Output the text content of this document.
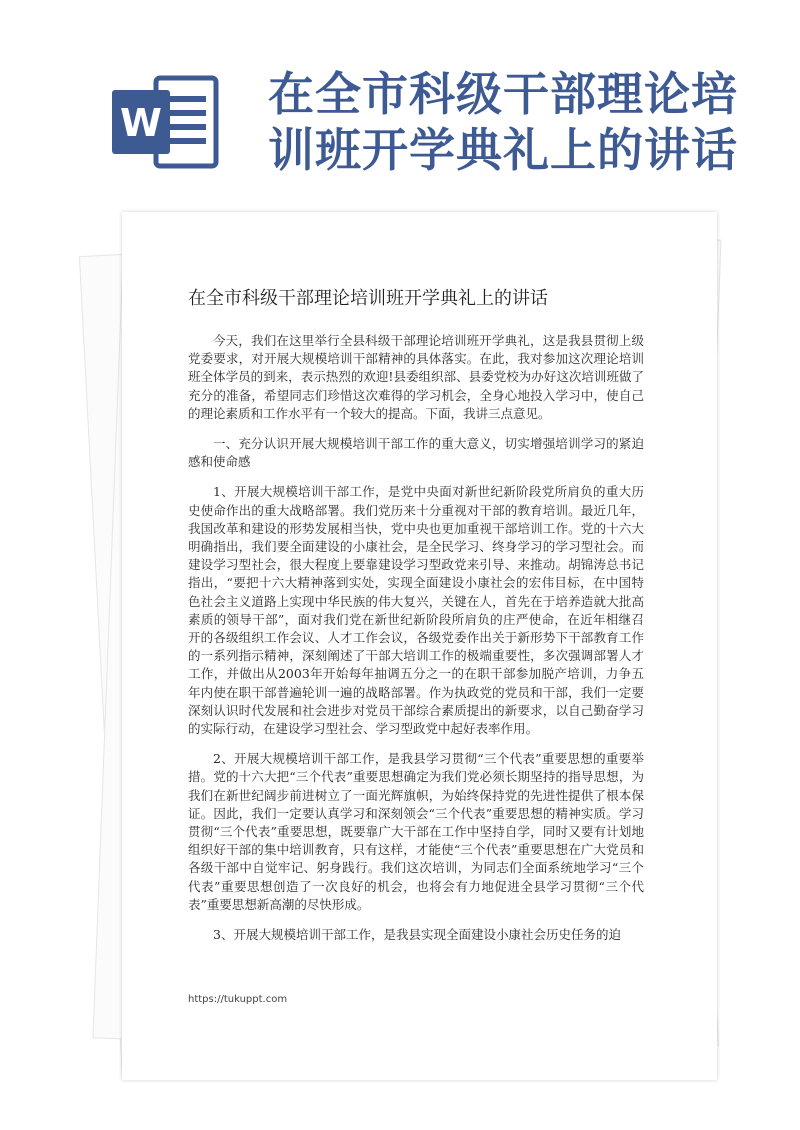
W
在全市科级干部理论培
训班开学典礼上的讲话
在全市科级干部理论培训班开学典礼上的讲话

今天，我们在这里举行全县科级干部理论培训班开学典礼，这是我县贯彻上级党委要求，对开展大规模培训干部精神的具体落实。在此，我对参加这次理论培训班全体学员的到来，表示热烈的欢迎!县委组织部、县委党校为办好这次培训班做了充分的准备，希望同志们珍惜这次难得的学习机会，全身心地投入学习中，使自己的理论素质和工作水平有一个较大的提高。下面，我讲三点意见。

一、充分认识开展大规模培训干部工作的重大意义，切实增强培训学习的紧迫感和使命感

1、开展大规模培训干部工作，是党中央面对新世纪新阶段党所肩负的重大历史使命作出的重大战略部署。我们党历来十分重视对干部的教育培训。最近几年，我国改革和建设的形势发展相当快，党中央也更加重视干部培训工作。党的十六大明确指出，我们要全面建设的小康社会，是全民学习、终身学习的学习型社会。而建设学习型社会，很大程度上要靠建设学习型政党来引导、来推动。胡锦涛总书记指出，“要把十六大精神落到实处，实现全面建设小康社会的宏伟目标，在中国特色社会主义道路上实现中华民族的伟大复兴，关键在人，首先在于培养造就大批高素质的领导干部”，面对我们党在新世纪新阶段所肩负的庄严使命，在近年相继召开的各级组织工作会议、人才工作会议，各级党委作出关于新形势下干部教育工作的一系列指示精神，深刻阐述了干部大培训工作的极端重要性，多次强调部署人才工作，并做出从2003年开始每年抽调五分之一的在职干部参加脱产培训，力争五年内使在职干部普遍轮训一遍的战略部署。作为执政党的党员和干部，我们一定要深刻认识时代发展和社会进步对党员干部综合素质提出的新要求，以自己勤奋学习的实际行动，在建设学习型社会、学习型政党中起好表率作用。

2、开展大规模培训干部工作，是我县学习贯彻“三个代表”重要思想的重要举措。党的十六大把“三个代表”重要思想确定为我们党必须长期坚持的指导思想，为我们在新世纪阔步前进树立了一面光辉旗帜，为始终保持党的先进性提供了根本保证。因此，我们一定要认真学习和深刻领会“三个代表”重要思想的精神实质。学习贯彻“三个代表”重要思想，既要靠广大干部在工作中坚持自学，同时又要有计划地组织好干部的集中培训教育，只有这样，才能使“三个代表”重要思想在广大党员和各级干部中自觉牢记、躬身践行。我们这次培训，为同志们全面系统地学习“三个代表”重要思想创造了一次良好的机会，也将会有力地促进全县学习贯彻“三个代表”重要思想新高潮的尽快形成。

3、开展大规模培训干部工作，是我县实现全面建设小康社会历史任务的迫

https://tukuppt.com
